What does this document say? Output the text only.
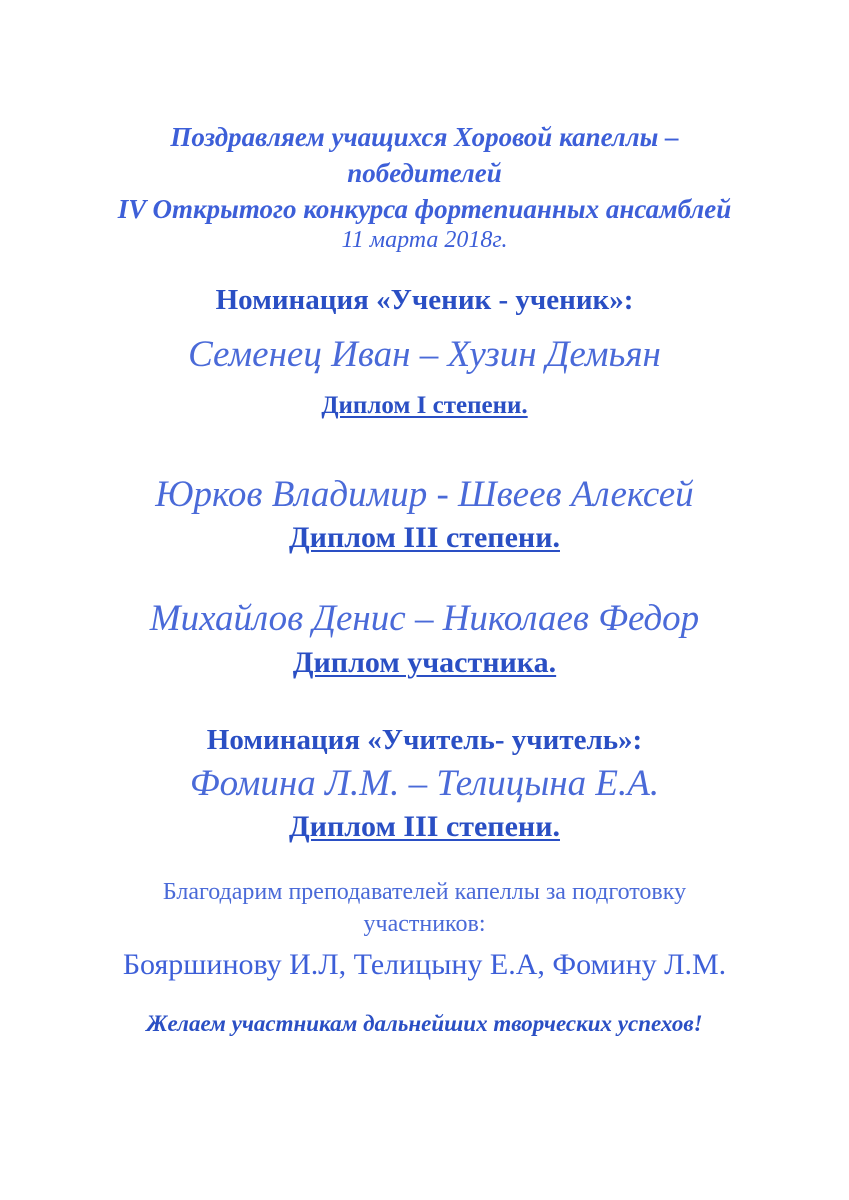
Поздравляем учащихся Хоровой капеллы –
победителей
IV Открытого конкурса фортепианных ансамблей
11 марта 2018г.
Номинация «Ученик - ученик»:
Семенец Иван – Хузин Демьян
Диплом I степени.
Юрков Владимир - Швеев Алексей
Диплом III степени.
Михайлов Денис – Николаев Федор
Диплом участника.
Номинация «Учитель- учитель»:
Фомина Л.М. – Телицына Е.А.
Диплом III степени.
Благодарим преподавателей капеллы за подготовку
участников:
Бояршинову И.Л, Телицыну Е.А, Фомину Л.М.
Желаем участникам дальнейших творческих успехов!
